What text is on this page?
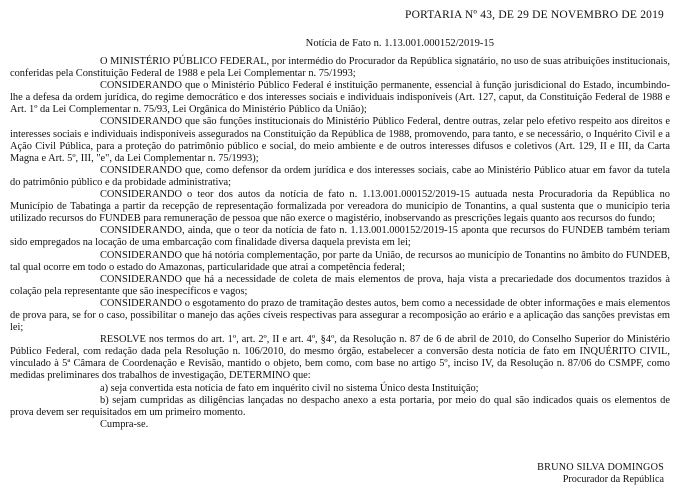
PORTARIA Nº 43, DE 29 DE NOVEMBRO DE 2019
Notícia de Fato n. 1.13.001.000152/2019-15

O MINISTÉRIO PÚBLICO FEDERAL, por intermédio do Procurador da República signatário, no uso de suas atribuições institucionais, conferidas pela Constituição Federal de 1988 e pela Lei Complementar n. 75/1993;

CONSIDERANDO que o Ministério Público Federal é instituição permanente, essencial à função jurisdicional do Estado, incumbindo-lhe a defesa da ordem jurídica, do regime democrático e dos interesses sociais e individuais indisponíveis (Art. 127, caput, da Constituição Federal de 1988 e Art. 1º da Lei Complementar n. 75/93, Lei Orgânica do Ministério Público da União);

CONSIDERANDO que são funções institucionais do Ministério Público Federal, dentre outras, zelar pelo efetivo respeito aos direitos e interesses sociais e individuais indisponíveis assegurados na Constituição da República de 1988, promovendo, para tanto, e se necessário, o Inquérito Civil e a Ação Civil Pública, para a proteção do patrimônio público e social, do meio ambiente e de outros interesses difusos e coletivos (Art. 129, II e III, da Carta Magna e Art. 5º, III, "e", da Lei Complementar n. 75/1993);

CONSIDERANDO que, como defensor da ordem jurídica e dos interesses sociais, cabe ao Ministério Público atuar em favor da tutela do patrimônio público e da probidade administrativa;

CONSIDERANDO o teor dos autos da notícia de fato n. 1.13.001.000152/2019-15 autuada nesta Procuradoria da República no Município de Tabatinga a partir da recepção de representação formalizada por vereadora do município de Tonantins, a qual sustenta que o município teria utilizado recursos do FUNDEB para remuneração de pessoa que não exerce o magistério, inobservando as prescrições legais quanto aos recursos do fundo;

CONSIDERANDO, ainda, que o teor da notícia de fato n. 1.13.001.000152/2019-15 aponta que recursos do FUNDEB também teriam sido empregados na locação de uma embarcação com finalidade diversa daquela prevista em lei;

CONSIDERANDO que há notória complementação, por parte da União, de recursos ao município de Tonantins no âmbito do FUNDEB, tal qual ocorre em todo o estado do Amazonas, particularidade que atrai a competência federal;

CONSIDERANDO que há a necessidade de coleta de mais elementos de prova, haja vista a precariedade dos documentos trazidos à colação pela representante que são inespecíficos e vagos;

CONSIDERANDO o esgotamento do prazo de tramitação destes autos, bem como a necessidade de obter informações e mais elementos de prova para, se for o caso, possibilitar o manejo das ações cíveis respectivas para assegurar a recomposição ao erário e a aplicação das sanções previstas em lei;

RESOLVE nos termos do art. 1º, art. 2º, II e art. 4º, §4º, da Resolução n. 87 de 6 de abril de 2010, do Conselho Superior do Ministério Público Federal, com redação dada pela Resolução n. 106/2010, do mesmo órgão, estabelecer a conversão desta notícia de fato em INQUÉRITO CIVIL, vinculado à 5ª Câmara de Coordenação e Revisão, mantido o objeto, bem como, com base no artigo 5º, inciso IV, da Resolução n. 87/06 do CSMPF, como medidas preliminares dos trabalhos de investigação, DETERMINO que:

a) seja convertida esta notícia de fato em inquérito civil no sistema Único desta Instituição;

b) sejam cumpridas as diligências lançadas no despacho anexo a esta portaria, por meio do qual são indicados quais os elementos de prova devem ser requisitados em um primeiro momento.

Cumpra-se.

BRUNO SILVA DOMINGOS
Procurador da República
